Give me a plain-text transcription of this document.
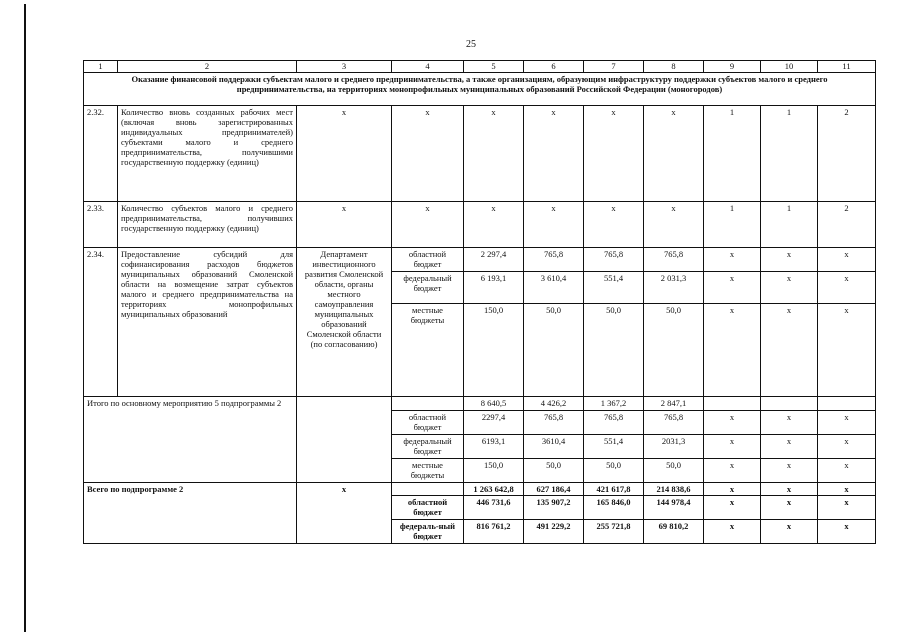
25
1	2	3	4	5	6	7	8	9	10	11
Оказание финансовой поддержки субъектам малого и среднего предпринимательства, а также организациям, образующим инфраструктуру поддержки субъектов малого и среднего предпринимательства, на территориях монопрофильных муниципальных образований Российской Федерации (моногородов)										
2.32.	Количество вновь созданных рабочих мест (включая вновь зарегистрированных индивидуальных предпринимателей) субъектами малого и среднего предпринимательства, получившими государственную поддержку (единиц)	х	х	х	х	х	х	1	1	2
2.33.	Количество субъектов малого и среднего предпринимательства, получивших государственную поддержку (единиц)	х	х	х	х	х	х	1	1	2
2.34.	Предоставление субсидий для софинансирования расходов бюджетов муниципальных образований Смоленской области на возмещение затрат субъектов малого и среднего предпринимательства на территориях монопрофильных муниципальных образований	Департамент инвестиционного развития Смоленской области, органы местного самоуправления муниципальных образований Смоленской области (по согласованию)	областной бюджет	2 297,4	765,8	765,8	765,8	х	х	х
			федеральный бюджет	6 193,1	3 610,4	551,4	2 031,3	х	х	х
			местные бюджеты	150,0	50,0	50,0	50,0	х	х	х
Итого по основному мероприятию 5 подпрограммы 2				8 640,5	4 426,2	1 367,2	2 847,1			
			областной бюджет	2297,4	765,8	765,8	765,8	х	х	х
			федеральный бюджет	6193,1	3610,4	551,4	2031,3	х	х	х
			местные бюджеты	150,0	50,0	50,0	50,0	х	х	х
Всего по подпрограмме 2		х		1 263 642,8	627 186,4	421 617,8	214 838,6	х	х	х
			областной бюджет	446 731,6	135 907,2	165 846,0	144 978,4	х	х	х
			федераль-ный бюджет	816 761,2	491 229,2	255 721,8	69 810,2	х	х	х
